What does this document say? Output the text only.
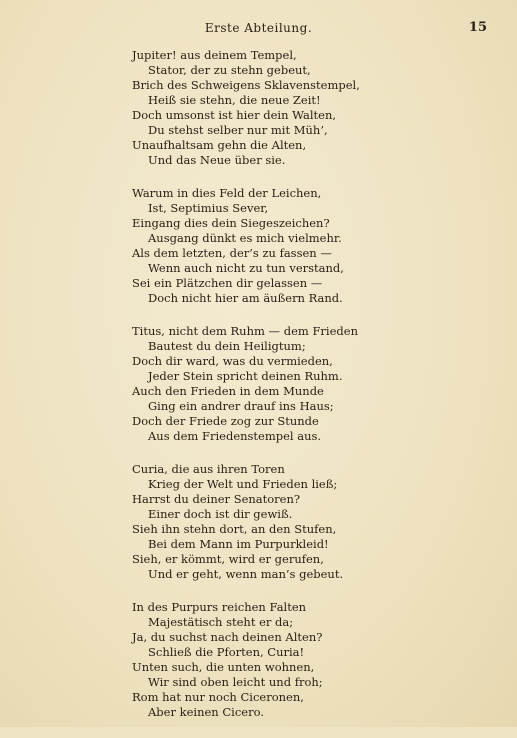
Erste Abteilung.	15
Jupiter! aus deinem Tempel,
Stator, der zu stehn gebeut,
Brich des Schweigens Sklavenstempel,
Heiß sie stehn, die neue Zeit!
Doch umsonst ist hier dein Walten,
Du stehst selber nur mit Müh’,
Unaufhaltsam gehn die Alten,
Und das Neue über sie.
Warum in dies Feld der Leichen,
Ist, Septimius Sever,
Eingang dies dein Siegeszeichen?
Ausgang dünkt es mich vielmehr.
Als dem letzten, der’s zu fassen —
Wenn auch nicht zu tun verstand,
Sei ein Plätzchen dir gelassen —
Doch nicht hier am äußern Rand.
Titus, nicht dem Ruhm — dem Frieden
Bautest du dein Heiligtum;
Doch dir ward, was du vermieden,
Jeder Stein spricht deinen Ruhm.
Auch den Frieden in dem Munde
Ging ein andrer drauf ins Haus;
Doch der Friede zog zur Stunde
Aus dem Friedenstempel aus.
Curia, die aus ihren Toren
Krieg der Welt und Frieden ließ;
Harrst du deiner Senatoren?
Einer doch ist dir gewiß.
Sieh ihn stehn dort, an den Stufen,
Bei dem Mann im Purpurkleid!
Sieh, er kömmt, wird er gerufen,
Und er geht, wenn man’s gebeut.
In des Purpurs reichen Falten
Majestätisch steht er da;
Ja, du suchst nach deinen Alten?
Schließ die Pforten, Curia!
Unten such, die unten wohnen,
Wir sind oben leicht und froh;
Rom hat nur noch Ciceronen,
Aber keinen Cicero.
